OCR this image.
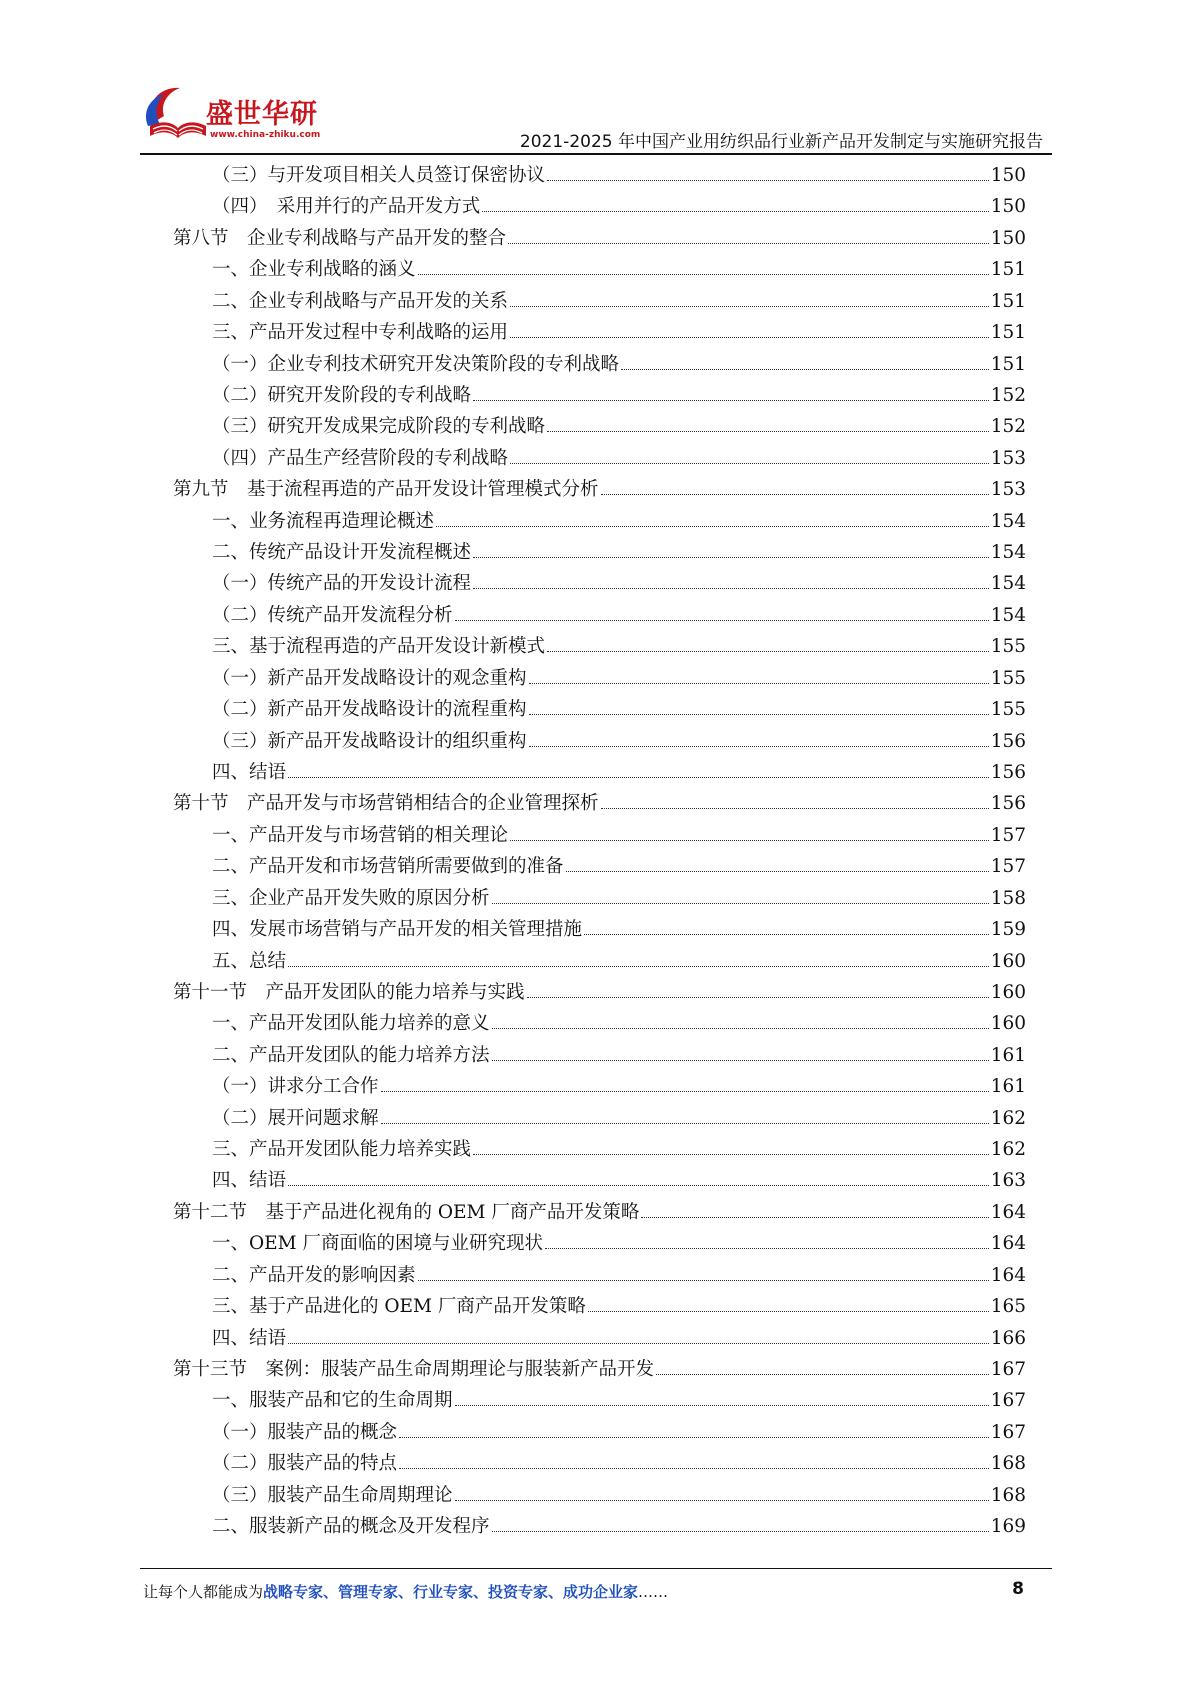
盛世华研
www.china-zhiku.com	2021-2025 年中国产业用纺织品行业新产品开发制定与实施研究报告
（三）与开发项目相关人员签订保密协议	150
（四）　采用并行的产品开发方式	150
第八节　企业专利战略与产品开发的整合	150
一、企业专利战略的涵义	151
二、企业专利战略与产品开发的关系	151
三、产品开发过程中专利战略的运用	151
（一）企业专利技术研究开发决策阶段的专利战略	151
（二）研究开发阶段的专利战略	152
（三）研究开发成果完成阶段的专利战略	152
（四）产品生产经营阶段的专利战略	153
第九节　基于流程再造的产品开发设计管理模式分析	153
一、业务流程再造理论概述	154
二、传统产品设计开发流程概述	154
（一）传统产品的开发设计流程	154
（二）传统产品开发流程分析	154
三、基于流程再造的产品开发设计新模式	155
（一）新产品开发战略设计的观念重构	155
（二）新产品开发战略设计的流程重构	155
（三）新产品开发战略设计的组织重构	156
四、结语	156
第十节　产品开发与市场营销相结合的企业管理探析	156
一、产品开发与市场营销的相关理论	157
二、产品开发和市场营销所需要做到的准备	157
三、企业产品开发失败的原因分析	158
四、发展市场营销与产品开发的相关管理措施	159
五、总结	160
第十一节　产品开发团队的能力培养与实践	160
一、产品开发团队能力培养的意义	160
二、产品开发团队的能力培养方法	161
（一）讲求分工合作	161
（二）展开问题求解	162
三、产品开发团队能力培养实践	162
四、结语	163
第十二节　基于产品进化视角的 OEM 厂商产品开发策略	164
一、OEM 厂商面临的困境与业研究现状	164
二、产品开发的影响因素	164
三、基于产品进化的 OEM 厂商产品开发策略	165
四、结语	166
第十三节　案例：服装产品生命周期理论与服装新产品开发	167
一、服装产品和它的生命周期	167
（一）服装产品的概念	167
（二）服装产品的特点	168
（三）服装产品生命周期理论	168
二、服装新产品的概念及开发程序	169
让每个人都能成为战略专家、管理专家、行业专家、投资专家、成功企业家……	8
